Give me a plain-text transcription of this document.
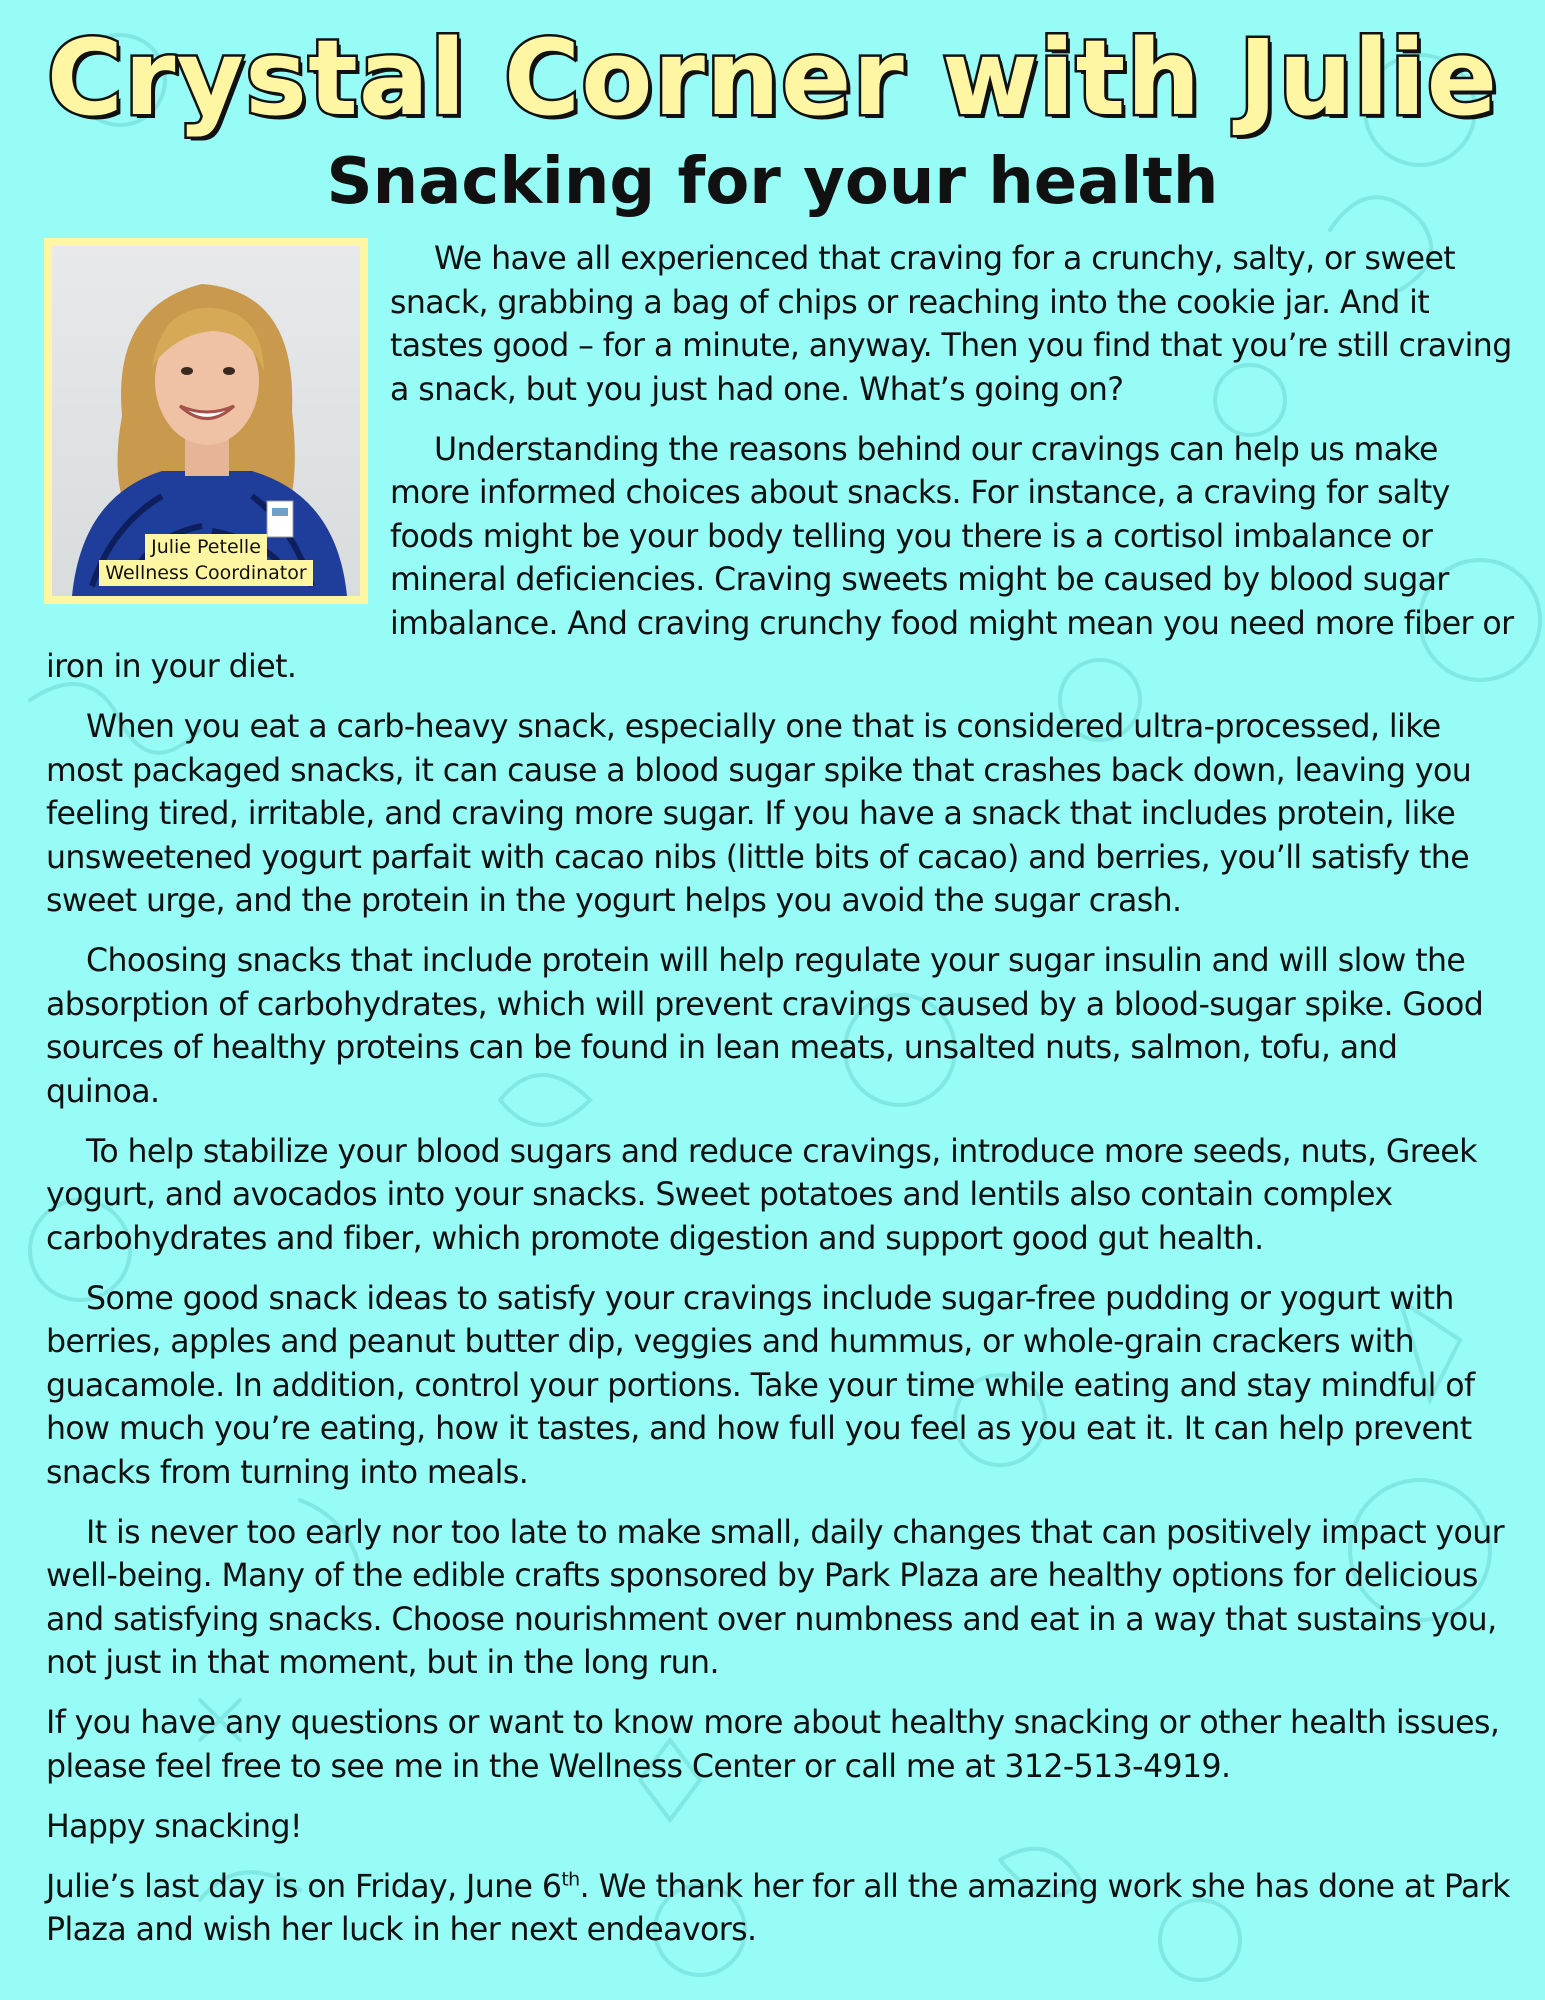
Crystal Corner with Julie
Snacking for your health
Julie Petelle
Wellness Coordinator

We have all experienced that craving for a crunchy, salty, or sweet snack, grabbing a bag of chips or reaching into the cookie jar. And it tastes good – for a minute, anyway. Then you find that you’re still craving a snack, but you just had one. What’s going on?

Understanding the reasons behind our cravings can help us make more informed choices about snacks. For instance, a craving for salty foods might be your body telling you there is a cortisol imbalance or mineral deficiencies. Craving sweets might be caused by blood sugar imbalance. And craving crunchy food might mean you need more fiber or iron in your diet.

When you eat a carb-heavy snack, especially one that is considered ultra-processed, like most packaged snacks, it can cause a blood sugar spike that crashes back down, leaving you feeling tired, irritable, and craving more sugar. If you have a snack that includes protein, like unsweetened yogurt parfait with cacao nibs (little bits of cacao) and berries, you’ll satisfy the sweet urge, and the protein in the yogurt helps you avoid the sugar crash.

Choosing snacks that include protein will help regulate your sugar insulin and will slow the absorption of carbohydrates, which will prevent cravings caused by a blood-sugar spike. Good sources of healthy proteins can be found in lean meats, unsalted nuts, salmon, tofu, and quinoa.

To help stabilize your blood sugars and reduce cravings, introduce more seeds, nuts, Greek yogurt, and avocados into your snacks. Sweet potatoes and lentils also contain complex carbohydrates and fiber, which promote digestion and support good gut health.

Some good snack ideas to satisfy your cravings include sugar-free pudding or yogurt with berries, apples and peanut butter dip, veggies and hummus, or whole-grain crackers with guacamole. In addition, control your portions. Take your time while eating and stay mindful of how much you’re eating, how it tastes, and how full you feel as you eat it. It can help prevent snacks from turning into meals.

It is never too early nor too late to make small, daily changes that can positively impact your well-being. Many of the edible crafts sponsored by Park Plaza are healthy options for delicious and satisfying snacks. Choose nourishment over numbness and eat in a way that sustains you, not just in that moment, but in the long run.

If you have any questions or want to know more about healthy snacking or other health issues, please feel free to see me in the Wellness Center or call me at 312-513-4919.

Happy snacking!

Julie’s last day is on Friday, June 6th. We thank her for all the amazing work she has done at Park Plaza and wish her luck in her next endeavors.
